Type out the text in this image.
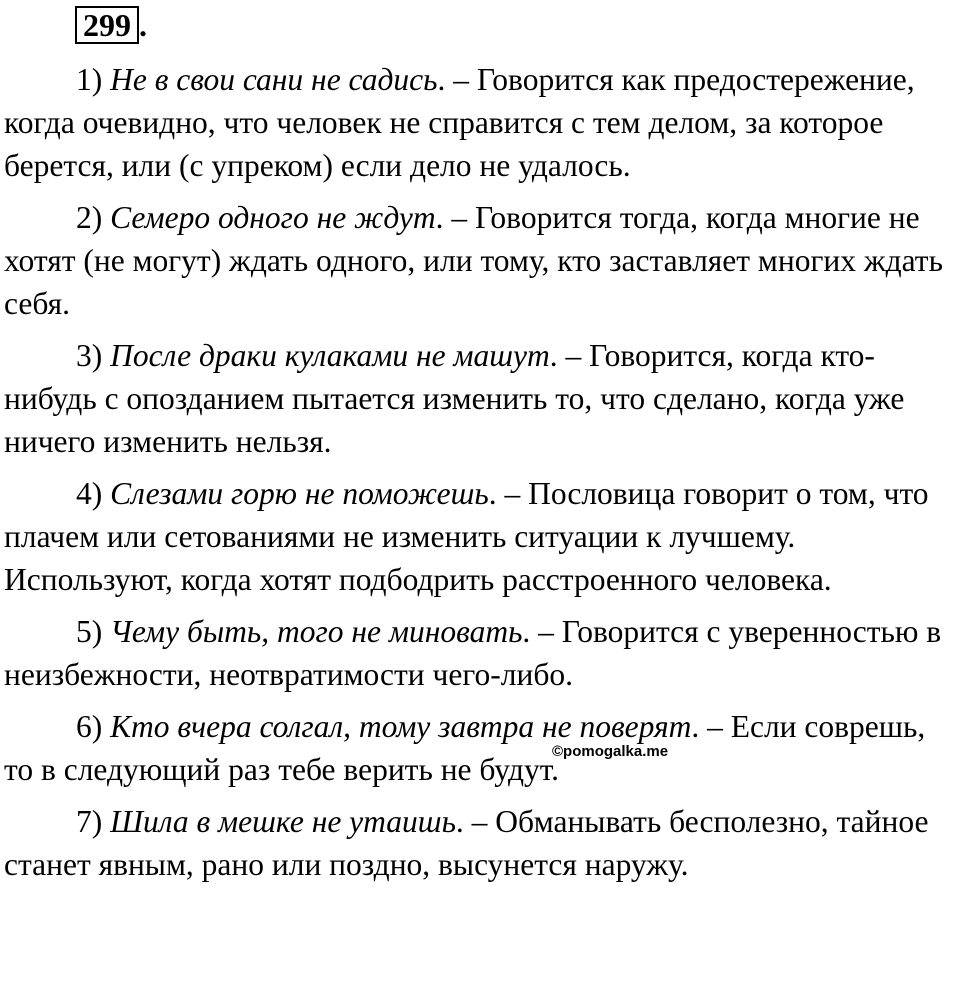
299 .

1) Не в свои сани не садись. – Говорится как предостережение, когда очевидно, что человек не справится с тем делом, за которое берется, или (с упреком) если дело не удалось.

2) Семеро одного не ждут. – Говорится тогда, когда многие не хотят (не могут) ждать одного, или тому, кто заставляет многих ждать себя.

3) После драки кулаками не машут. – Говорится, когда кто-нибудь с опозданием пытается изменить то, что сделано, когда уже ничего изменить нельзя.

4) Слезами горю не поможешь. – Пословица говорит о том, что плачем или сетованиями не изменить ситуации к лучшему. Используют, когда хотят подбодрить расстроенного человека.

5) Чему быть, того не миновать. – Говорится с уверенностью в неизбежности, неотвратимости чего-либо.

6) Кто вчера солгал, тому завтра не поверят. – Если соврешь, то в следующий раз тебе верить не будут.

7) Шила в мешке не утаишь. – Обманывать бесполезно, тайное станет явным, рано или поздно, высунется наружу.

©pomogalka.me
